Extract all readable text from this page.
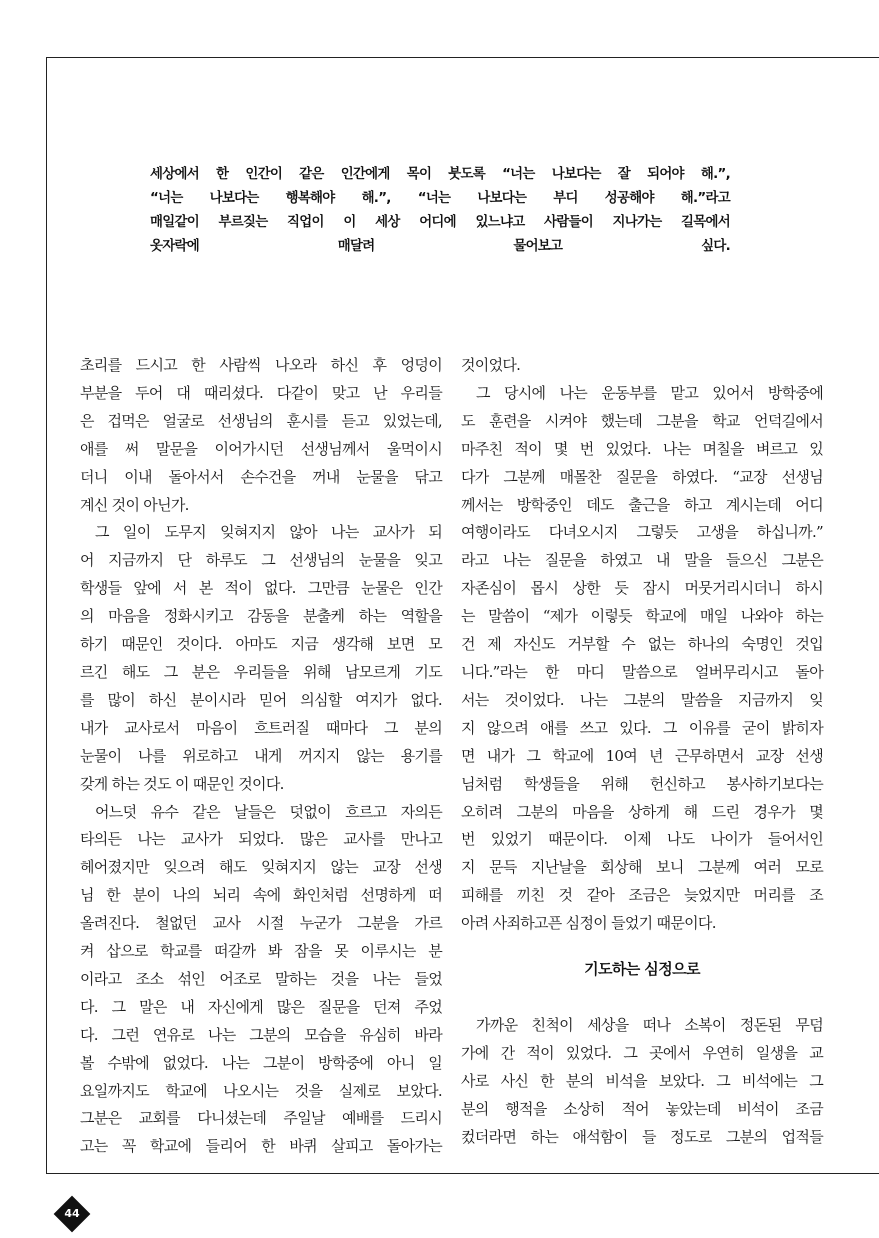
세상에서 한 인간이 같은 인간에게 목이 붓도록 “너는 나보다는 잘 되어야 해.”,
“너는 나보다는 행복해야 해.”, “너는 나보다는 부디 성공해야 해.”라고
매일같이 부르짖는 직업이 이 세상 어디에 있느냐고 사람들이 지나가는 길목에서
옷자락에 매달려 물어보고 싶다.
초리를 드시고 한 사람씩 나오라 하신 후 엉덩이
부분을 두어 대 때리셨다. 다같이 맞고 난 우리들
은 겁먹은 얼굴로 선생님의 훈시를 듣고 있었는데,
애를 써 말문을 이어가시던 선생님께서 울먹이시
더니 이내 돌아서서 손수건을 꺼내 눈물을 닦고
계신 것이 아닌가.
그 일이 도무지 잊혀지지 않아 나는 교사가 되
어 지금까지 단 하루도 그 선생님의 눈물을 잊고
학생들 앞에 서 본 적이 없다. 그만큼 눈물은 인간
의 마음을 정화시키고 감동을 분출케 하는 역할을
하기 때문인 것이다. 아마도 지금 생각해 보면 모
르긴 해도 그 분은 우리들을 위해 남모르게 기도
를 많이 하신 분이시라 믿어 의심할 여지가 없다.
내가 교사로서 마음이 흐트러질 때마다 그 분의
눈물이 나를 위로하고 내게 꺼지지 않는 용기를
갖게 하는 것도 이 때문인 것이다.
어느덧 유수 같은 날들은 덧없이 흐르고 자의든
타의든 나는 교사가 되었다. 많은 교사를 만나고
헤어졌지만 잊으려 해도 잊혀지지 않는 교장 선생
님 한 분이 나의 뇌리 속에 화인처럼 선명하게 떠
올려진다. 철없던 교사 시절 누군가 그분을 가르
켜 삽으로 학교를 떠갈까 봐 잠을 못 이루시는 분
이라고 조소 섞인 어조로 말하는 것을 나는 들었
다. 그 말은 내 자신에게 많은 질문을 던져 주었
다. 그런 연유로 나는 그분의 모습을 유심히 바라
볼 수밖에 없었다. 나는 그분이 방학중에 아니 일
요일까지도 학교에 나오시는 것을 실제로 보았다.
그분은 교회를 다니셨는데 주일날 예배를 드리시
고는 꼭 학교에 들리어 한 바퀴 살피고 돌아가는
것이었다.
그 당시에 나는 운동부를 맡고 있어서 방학중에
도 훈련을 시켜야 했는데 그분을 학교 언덕길에서
마주친 적이 몇 번 있었다. 나는 며칠을 벼르고 있
다가 그분께 매몰찬 질문을 하였다. “교장 선생님
께서는 방학중인 데도 출근을 하고 계시는데 어디
여행이라도 다녀오시지 그렇듯 고생을 하십니까.”
라고 나는 질문을 하였고 내 말을 들으신 그분은
자존심이 몹시 상한 듯 잠시 머뭇거리시더니 하시
는 말씀이 “제가 이렇듯 학교에 매일 나와야 하는
건 제 자신도 거부할 수 없는 하나의 숙명인 것입
니다.”라는 한 마디 말씀으로 얼버무리시고 돌아
서는 것이었다. 나는 그분의 말씀을 지금까지 잊
지 않으려 애를 쓰고 있다. 그 이유를 굳이 밝히자
면 내가 그 학교에 10여 년 근무하면서 교장 선생
님처럼 학생들을 위해 헌신하고 봉사하기보다는
오히려 그분의 마음을 상하게 해 드린 경우가 몇
번 있었기 때문이다. 이제 나도 나이가 들어서인
지 문득 지난날을 회상해 보니 그분께 여러 모로
피해를 끼친 것 같아 조금은 늦었지만 머리를 조
아려 사죄하고픈 심정이 들었기 때문이다.
기도하는 심정으로
가까운 친척이 세상을 떠나 소복이 정돈된 무덤
가에 간 적이 있었다. 그 곳에서 우연히 일생을 교
사로 사신 한 분의 비석을 보았다. 그 비석에는 그
분의 행적을 소상히 적어 놓았는데 비석이 조금
컸더라면 하는 애석함이 들 정도로 그분의 업적들
44
